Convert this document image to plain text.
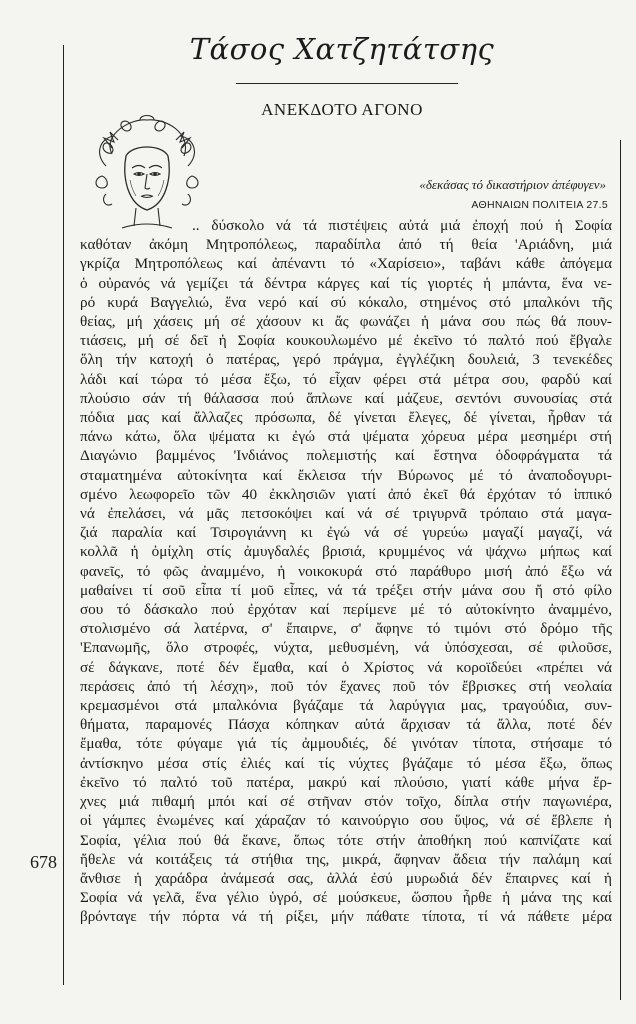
Τάσος Χατζητάτσης
ΑΝΕΚΔΟΤΟ ΑΓΟΝΟ
«δεκάσας τό δικαστήριον ἀπέφυγεν»
ΑΘΗΝΑΙΩΝ ΠΟΛΙΤΕΙΑ 27.5
.. δύσκολο νά τά πιστέψεις αὐτά μιά ἐποχή πού ἡ Σοφία
καθόταν ἀκόμη Μητροπόλεως, παραδίπλα ἀπό τή θεία 'Αριάδνη, μιά
γκρίζα Μητροπόλεως καί ἀπέναντι τό «Χαρίσειο», ταβάνι κάθε ἀπόγεμα
ὁ οὐρανός νά γεμίζει τά δέντρα κάργες καί τίς γιορτές ἡ μπάντα, ἕνα νε-
ρό κυρά Βαγγελιώ, ἕνα νερό καί σύ κόκαλο, στημένος στό μπαλκόνι τῆς
θείας, μή χάσεις μή σέ χάσουν κι ἄς φωνάζει ἡ μάνα σου πώς θά πουν-
τιάσεις, μή σέ δεῖ ἡ Σοφία κουκουλωμένο μέ ἐκεῖνο τό παλτό πού ἔβγαλε
ὅλη τήν κατοχή ὁ πατέρας, γερό πράγμα, ἐγγλέζικη δουλειά, 3 τενεκέδες
λάδι καί τώρα τό μέσα ἔξω, τό εἶχαν φέρει στά μέτρα σου, φαρδύ καί
πλούσιο σάν τή θάλασσα πού ἅπλωνε καί μάζευε, σεντόνι συνουσίας στά
πόδια μας καί ἄλλαζες πρόσωπα, δέ γίνεται ἔλεγες, δέ γίνεται, ἦρθαν τά
πάνω κάτω, ὅλα ψέματα κι ἐγώ στά ψέματα χόρευα μέρα μεσημέρι στή
Διαγώνιο βαμμένος 'Ινδιάνος πολεμιστής καί ἔστηνα ὁδοφράγματα τά
σταματημένα αὐτοκίνητα καί ἔκλεισα τήν Βύρωνος μέ τό ἀναποδογυρι-
σμένο λεωφορεῖο τῶν 40 ἐκκλησιῶν γιατί ἀπό ἐκεῖ θά ἐρχόταν τό ἱππικό
νά ἐπελάσει, νά μᾶς πετσοκόψει καί νά σέ τριγυρνᾶ τρόπαιο στά μαγα-
ζιά παραλία καί Τσιρογιάννη κι ἐγώ νά σέ γυρεύω μαγαζί μαγαζί, νά
κολλᾶ ἡ ὀμίχλη στίς ἀμυγδαλές βρισιά, κρυμμένος νά ψάχνω μήπως καί
φανεῖς, τό φῶς ἀναμμένο, ἡ νοικοκυρά στό παράθυρο μισή ἀπό ἔξω νά
μαθαίνει τί σοῦ εἶπα τί μοῦ εἶπες, νά τά τρέξει στήν μάνα σου ἤ στό φίλο
σου τό δάσκαλο πού ἐρχόταν καί περίμενε μέ τό αὐτοκίνητο ἀναμμένο,
στολισμένο σά λατέρνα, σ' ἔπαιρνε, σ' ἄφηνε τό τιμόνι στό δρόμο τῆς
'Επανωμῆς, ὅλο στροφές, νύχτα, μεθυσμένη, νά ὑπόσχεσαι, σέ φιλοῦσε,
σέ δάγκανε, ποτέ δέν ἔμαθα, καί ὁ Χρίστος νά κοροϊδεύει «πρέπει νά
περάσεις ἀπό τή λέσχη», ποῦ τόν ἔχανες ποῦ τόν ἔβρισκες στή νεολαία
κρεμασμένοι στά μπαλκόνια βγάζαμε τά λαρύγγια μας, τραγούδια, συν-
θήματα, παραμονές Πάσχα κόπηκαν αὐτά ἄρχισαν τά ἄλλα, ποτέ δέν
ἔμαθα, τότε φύγαμε γιά τίς ἀμμουδιές, δέ γινόταν τίποτα, στήσαμε τό
ἀντίσκηνο μέσα στίς ἐλιές καί τίς νύχτες βγάζαμε τό μέσα ἔξω, ὅπως
ἐκεῖνο τό παλτό τοῦ πατέρα, μακρύ καί πλούσιο, γιατί κάθε μήνα ἔρ-
χνες μιά πιθαμή μπόι καί σέ στῆναν στόν τοῖχο, δίπλα στήν παγωνιέρα,
οἱ γάμπες ἑνωμένες καί χάραζαν τό καινούργιο σου ὕψος, νά σέ ἔβλεπε ἡ
Σοφία, γέλια πού θά ἔκανε, ὅπως τότε στήν ἀποθήκη πού καπνίζατε καί
ἤθελε νά κοιτάξεις τά στήθια της, μικρά, ἄφηναν ἄδεια τήν παλάμη καί
ἄνθισε ἡ χαράδρα ἀνάμεσά σας, ἀλλά ἐσύ μυρωδιά δέν ἔπαιρνες καί ἡ
Σοφία νά γελᾶ, ἕνα γέλιο ὑγρό, σέ μούσκευε, ὥσπου ἦρθε ἡ μάνα της καί
βρόνταγε τήν πόρτα νά τή ρίξει, μήν πάθατε τίποτα, τί νά πάθετε μέρα
678
